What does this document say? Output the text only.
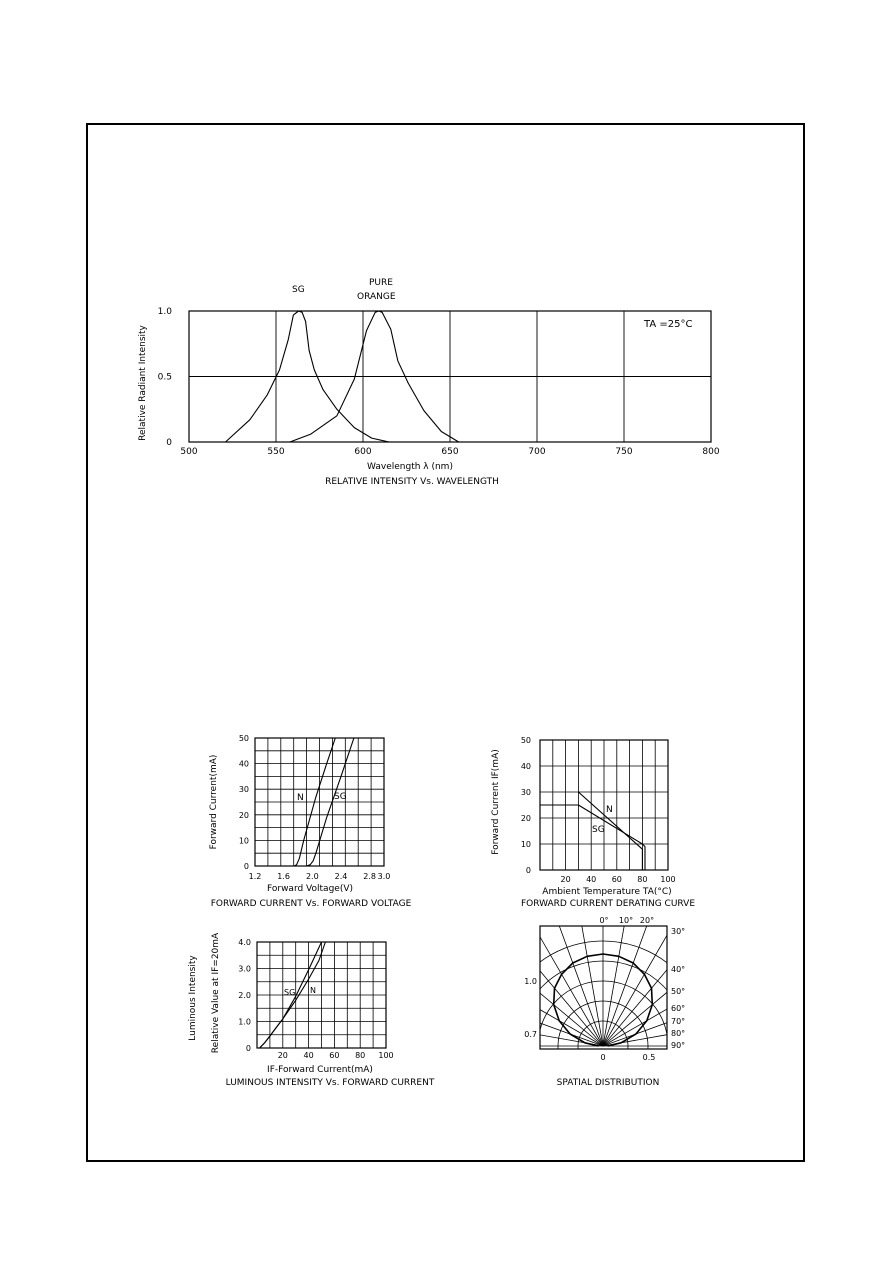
500	550	600	650	700	750	800
0
0.5
1.0
SG
PURE
ORANGE
TA =25°C
Wavelength λ (nm)
RELATIVE INTENSITY Vs. WAVELENGTH
Relative Radiant Intensity
1.2 1.6 2.0 2.4 2.8 3.0
0
10
20
30
40
50
N	SG
Forward Voltage(V)
FORWARD CURRENT Vs. FORWARD VOLTAGE
Forward Current(mA)
20 40 60 80 100
0
10
20
30
40
50
N
SG
Ambient Temperature TA(°C)
FORWARD CURRENT DERATING CURVE
Forward Current IF(mA)
20 40 60 80 100
0
1.0
2.0
3.0
4.0
SG N
IF-Forward Current(mA)
LUMINOUS INTENSITY Vs. FORWARD CURRENT
Luminous Intensity Relative Value at IF=20mA
0° 10° 20°
30°
40°
50°
60°
70°
80°
90°
1.0
0.7
0	0.5
SPATIAL DISTRIBUTION
